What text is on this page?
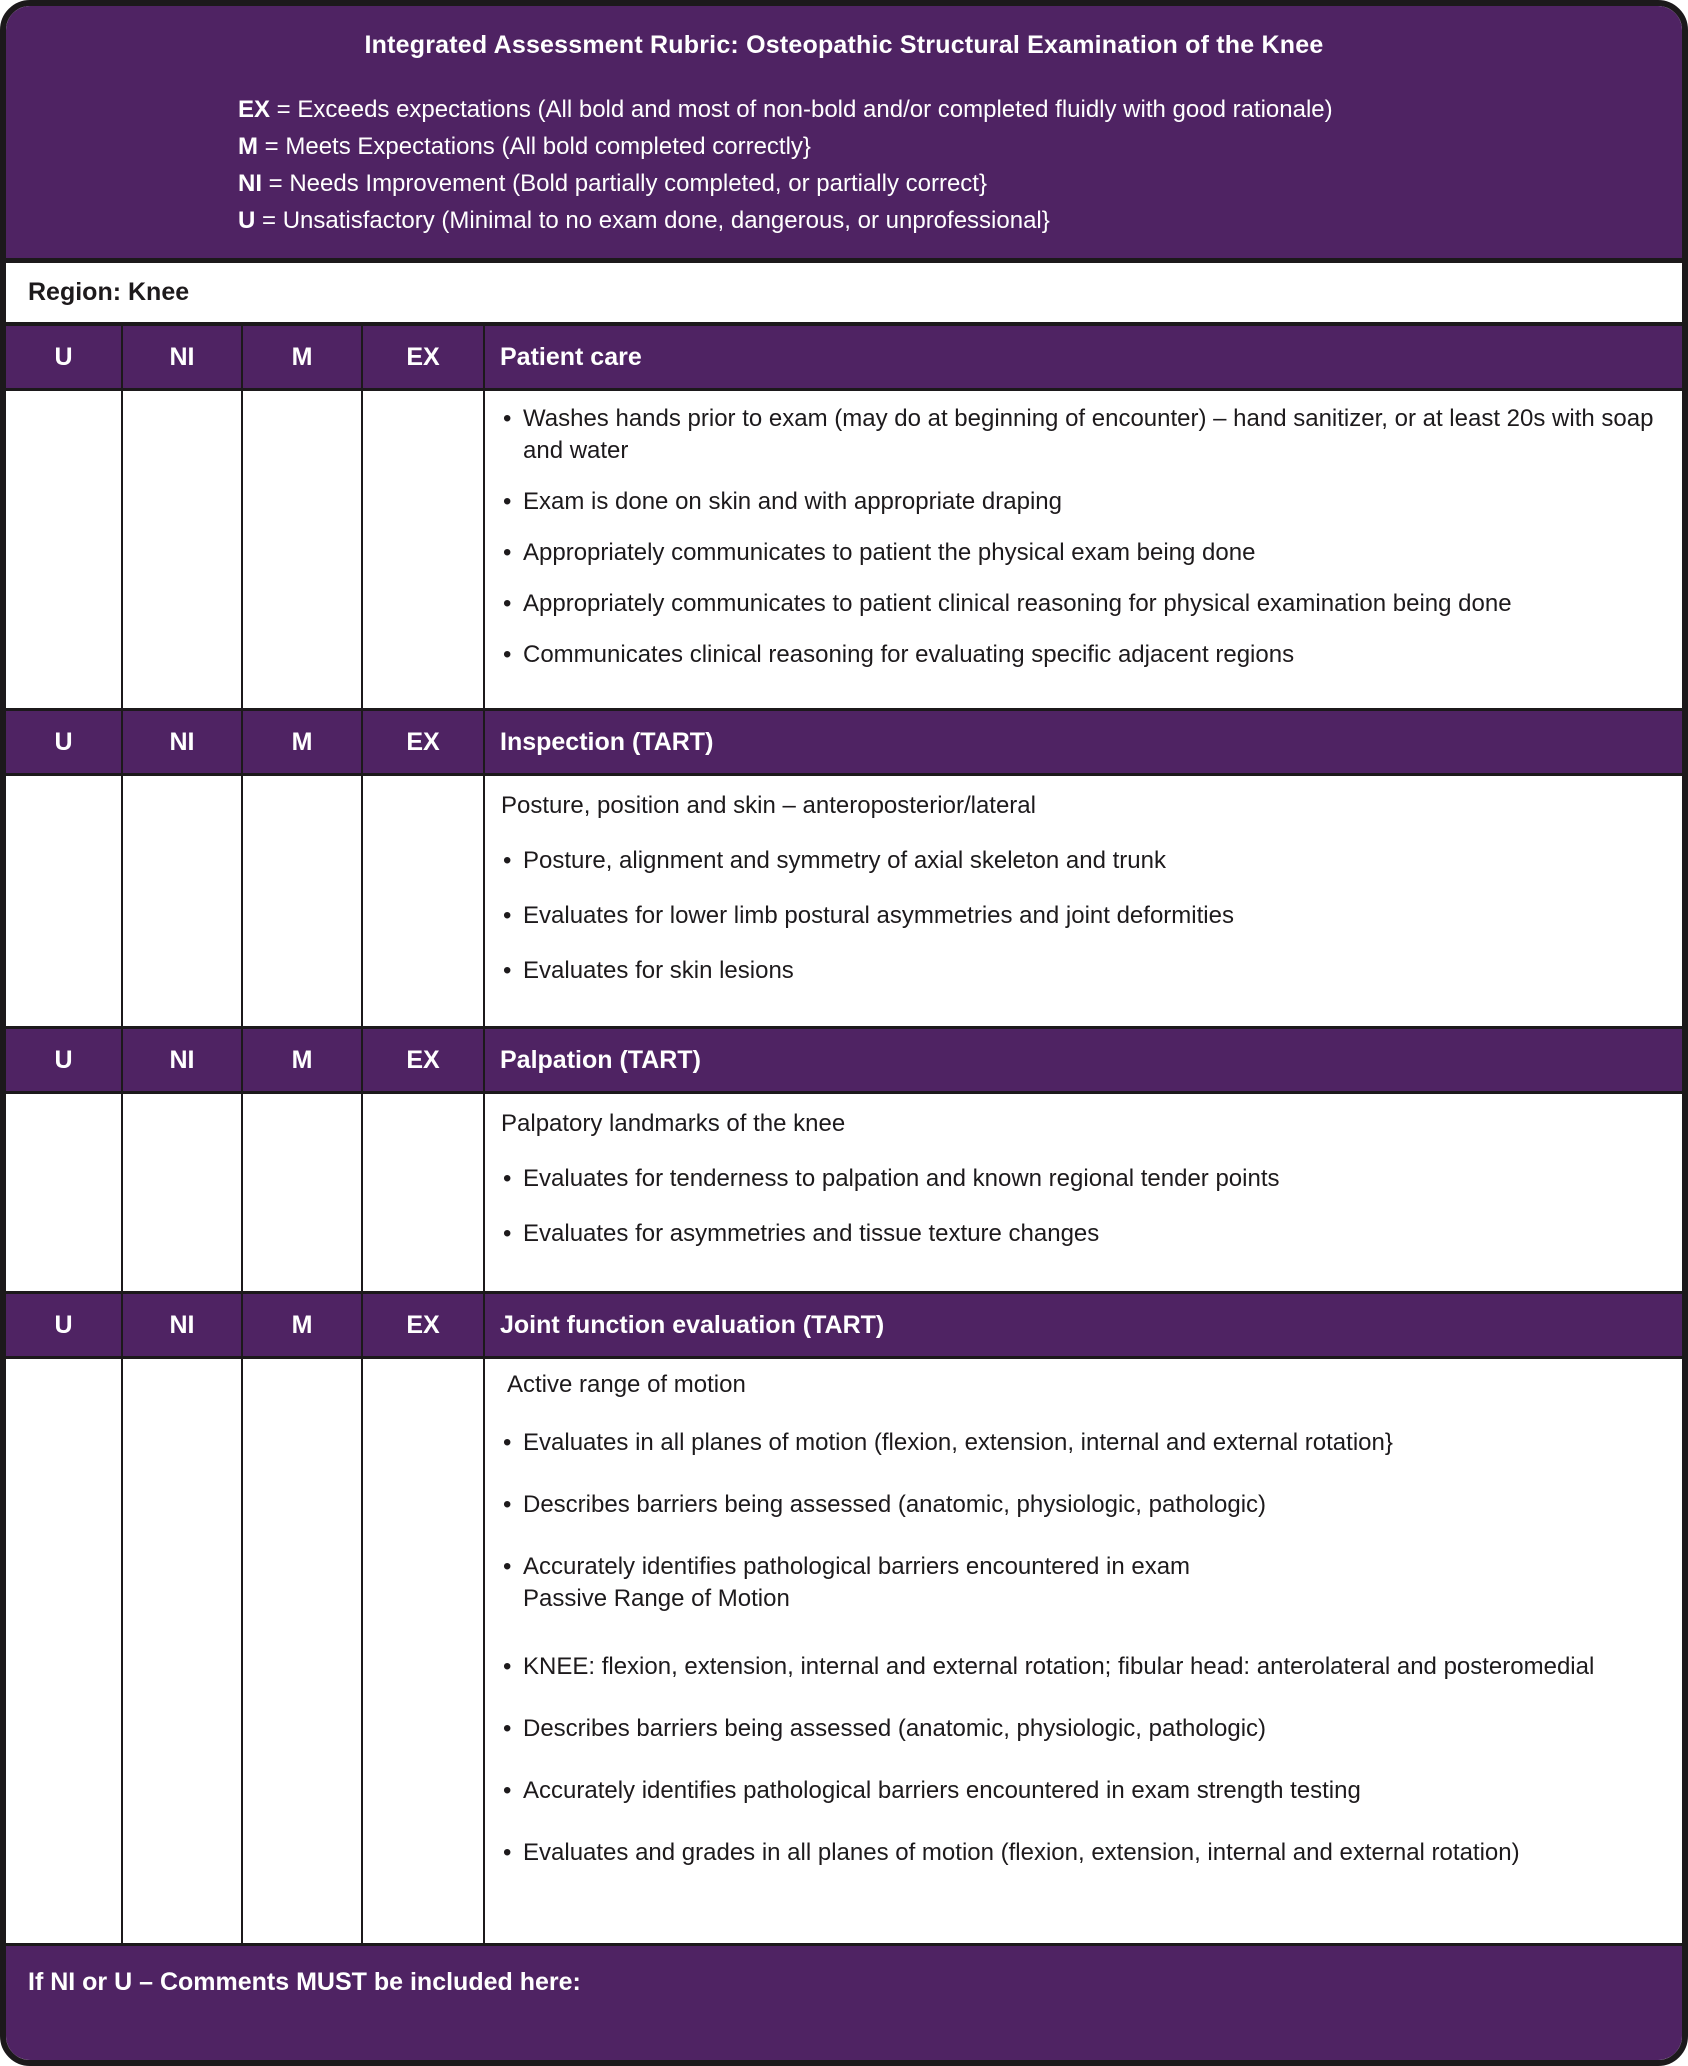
Integrated Assessment Rubric: Osteopathic Structural Examination of the Knee
EX = Exceeds expectations (All bold and most of non-bold and/or completed fluidly with good rationale)
M = Meets Expectations (All bold completed correctly}
NI = Needs Improvement (Bold partially completed, or partially correct}
U = Unsatisfactory (Minimal to no exam done, dangerous, or unprofessional}
Region: Knee
U	NI	M	EX	Patient care
• Washes hands prior to exam (may do at beginning of encounter) – hand sanitizer, or at least 20s with soap and water
• Exam is done on skin and with appropriate draping
• Appropriately communicates to patient the physical exam being done
• Appropriately communicates to patient clinical reasoning for physical examination being done
• Communicates clinical reasoning for evaluating specific adjacent regions
U	NI	M	EX	Inspection (TART)
Posture, position and skin – anteroposterior/lateral
• Posture, alignment and symmetry of axial skeleton and trunk
• Evaluates for lower limb postural asymmetries and joint deformities
• Evaluates for skin lesions
U	NI	M	EX	Palpation (TART)
Palpatory landmarks of the knee
• Evaluates for tenderness to palpation and known regional tender points
• Evaluates for asymmetries and tissue texture changes
U	NI	M	EX	Joint function evaluation (TART)
Active range of motion
• Evaluates in all planes of motion (flexion, extension, internal and external rotation}
• Describes barriers being assessed (anatomic, physiologic, pathologic)
• Accurately identifies pathological barriers encountered in exam
Passive Range of Motion
• KNEE: flexion, extension, internal and external rotation; fibular head: anterolateral and posteromedial
• Describes barriers being assessed (anatomic, physiologic, pathologic)
• Accurately identifies pathological barriers encountered in exam strength testing
• Evaluates and grades in all planes of motion (flexion, extension, internal and external rotation)
If NI or U – Comments MUST be included here:
